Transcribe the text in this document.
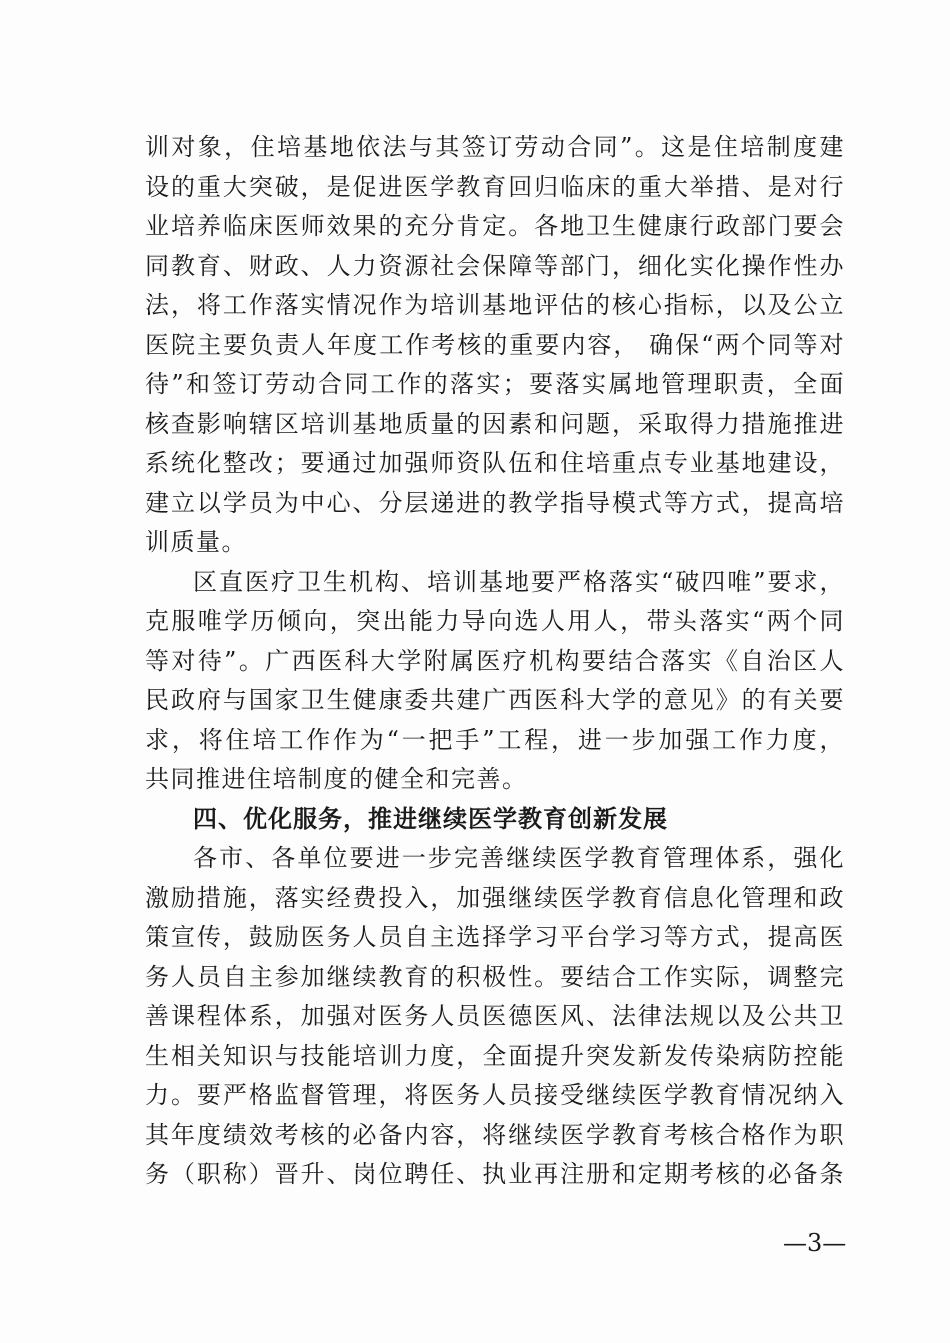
训对象，住培基地依法与其签订劳动合同”。这是住培制度建
设的重大突破，是促进医学教育回归临床的重大举措、是对行
业培养临床医师效果的充分肯定。各地卫生健康行政部门要会
同教育、财政、人力资源社会保障等部门，细化实化操作性办
法，将工作落实情况作为培训基地评估的核心指标，以及公立
医院主要负责人年度工作考核的重要内容， 确保“两个同等对
待”和签订劳动合同工作的落实；要落实属地管理职责，全面
核查影响辖区培训基地质量的因素和问题，采取得力措施推进
系统化整改；要通过加强师资队伍和住培重点专业基地建设，
建立以学员为中心、分层递进的教学指导模式等方式，提高培
训质量。
区直医疗卫生机构、培训基地要严格落实“破四唯”要求，
克服唯学历倾向，突出能力导向选人用人，带头落实“两个同
等对待”。广西医科大学附属医疗机构要结合落实《自治区人
民政府与国家卫生健康委共建广西医科大学的意见》的有关要
求，将住培工作作为“一把手”工程，进一步加强工作力度，
共同推进住培制度的健全和完善。
四、优化服务，推进继续医学教育创新发展
各市、各单位要进一步完善继续医学教育管理体系，强化
激励措施，落实经费投入，加强继续医学教育信息化管理和政
策宣传，鼓励医务人员自主选择学习平台学习等方式，提高医
务人员自主参加继续教育的积极性。要结合工作实际，调整完
善课程体系，加强对医务人员医德医风、法律法规以及公共卫
生相关知识与技能培训力度，全面提升突发新发传染病防控能
力。要严格监督管理，将医务人员接受继续医学教育情况纳入
其年度绩效考核的必备内容，将继续医学教育考核合格作为职
务（职称）晋升、岗位聘任、执业再注册和定期考核的必备条
—3—
